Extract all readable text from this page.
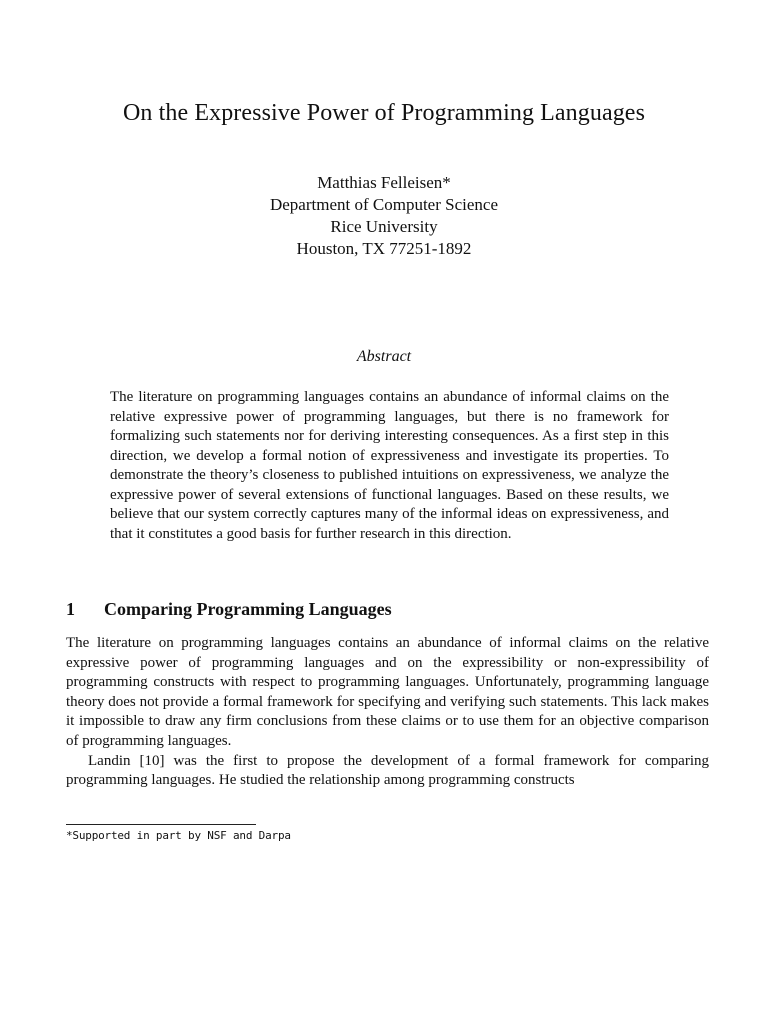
On the Expressive Power of Programming Languages
Matthias Felleisen*
Department of Computer Science
Rice University
Houston, TX 77251-1892
Abstract
The literature on programming languages contains an abundance of informal claims on the relative expressive power of programming languages, but there is no framework for formalizing such statements nor for deriving interesting consequences. As a first step in this direction, we develop a formal notion of expressiveness and investigate its properties. To demonstrate the theory’s closeness to published intuitions on expressiveness, we analyze the expressive power of several extensions of functional languages. Based on these results, we believe that our system correctly captures many of the informal ideas on expressiveness, and that it constitutes a good basis for further research in this direction.
1 Comparing Programming Languages

The literature on programming languages contains an abundance of informal claims on the relative expressive power of programming languages and on the expressibility or non-expressibility of programming constructs with respect to programming languages. Unfortunately, programming language theory does not provide a formal framework for specifying and verifying such statements. This lack makes it impossible to draw any firm conclusions from these claims or to use them for an objective comparison of programming languages.

Landin [10] was the first to propose the development of a formal framework for comparing programming languages. He studied the relationship among programming constructs

*Supported in part by NSF and Darpa
